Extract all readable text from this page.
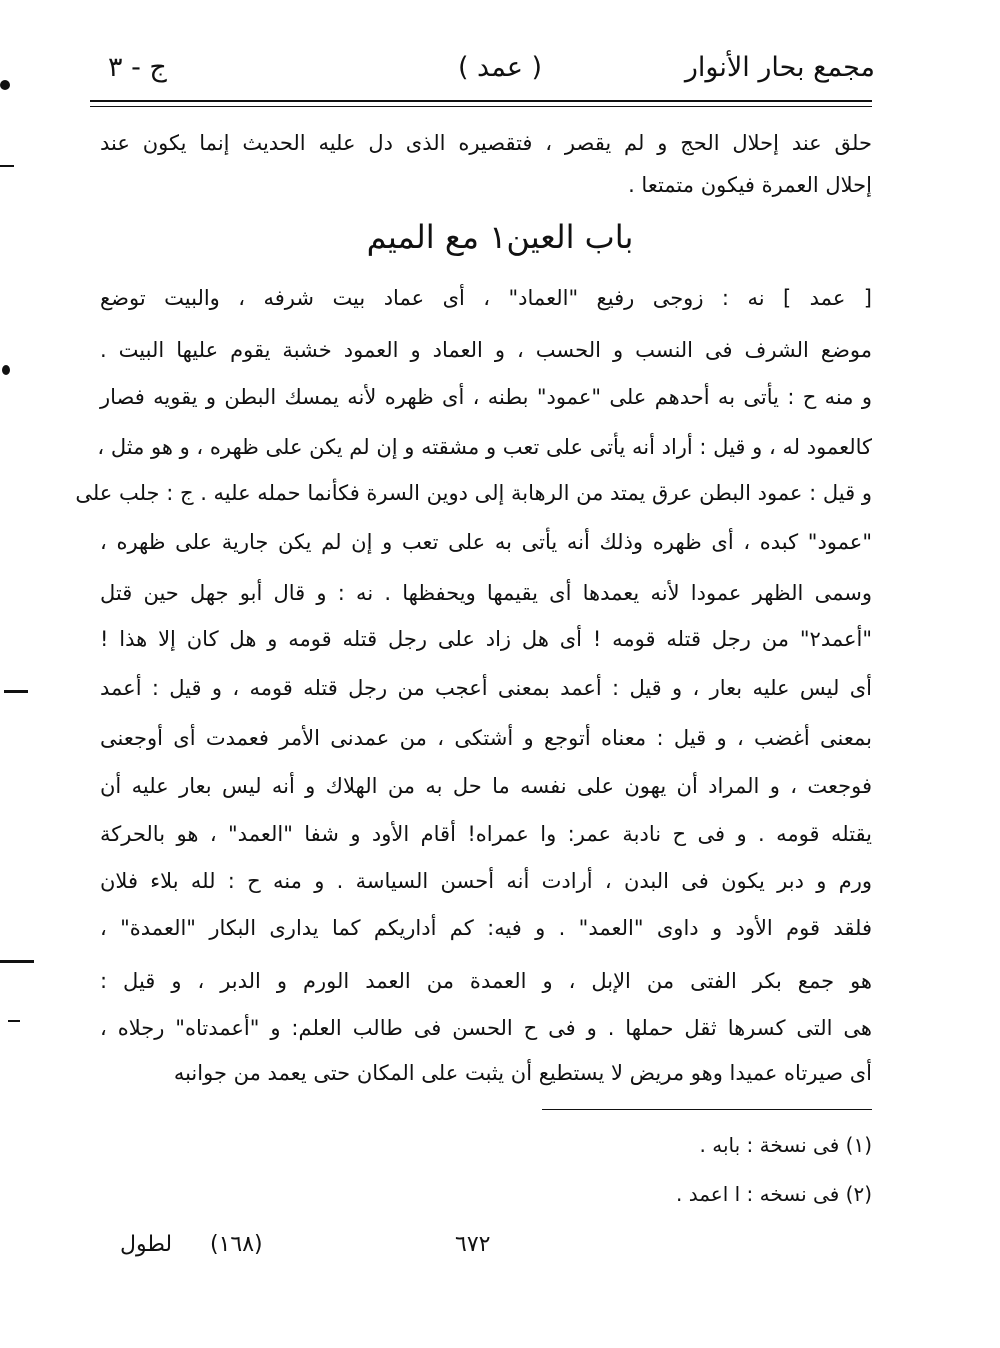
مجمع بحار الأنوار
( عمد )
ج - ٣
حلق عند إحلال الحج و لم يقصر ، فتقصيره الذى دل عليه الحديث إنما يكون عند
إحلال العمرة فيكون متمتعا .
باب العين١ مع الميم
[ عمد ] نه : زوجى رفيع "العماد" ، أى عماد بيت شرفه ، والبيت توضع
موضع الشرف فى النسب و الحسب ، و العماد و العمود خشبة يقوم عليها البيت .
و منه ح : يأتى به أحدهم على "عمود" بطنه ، أى ظهره لأنه يمسك البطن و يقويه فصار
كالعمود له ، و قيل : أراد أنه يأتى على تعب و مشقته و إن لم يكن على ظهره ، و هو مثل ،
و قيل : عمود البطن عرق يمتد من الرهابة إلى دوين السرة فكأنما حمله عليه . ج : جلب على
"عمود" كبده ، أى ظهره وذلك أنه يأتى به على تعب و إن لم يكن جارية على ظهره ،
وسمى الظهر عمودا لأنه يعمدها أى يقيمها ويحفظها . نه : و قال أبو جهل حين قتل
"أعمد٢" من رجل قتله قومه ! أى هل زاد على رجل قتله قومه و هل كان إلا هذا !
أى ليس عليه بعار ، و قيل : أعمد بمعنى أعجب من رجل قتله قومه ، و قيل : أعمد
بمعنى أغضب ، و قيل : معناه أتوجع و أشتكى ، من عمدنى الأمر فعمدت أى أوجعنى
فوجعت ، و المراد أن يهون على نفسه ما حل به من الهلاك و أنه ليس بعار عليه أن
يقتله قومه . و فى ح نادبة عمر: وا عمراه! أقام الأود و شفا "العمد" ، هو بالحركة
ورم و دبر يكون فى البدن ، أرادت أنه أحسن السياسة . و منه ح : لله بلاء فلان
فلقد قوم الأود و داوى "العمد" . و فيه: كم أداريكم كما يدارى البكار "العمدة" ،
هو جمع بكر الفتى من الإبل ، و العمدة من العمد الورم و الدبر ، و قيل :
هى التى كسرها ثقل حملها . و فى ح الحسن فى طالب العلم: و "أعمدتاه" رجلاه ،
أى صيرتاه عميدا وهو مريض لا يستطيع أن يثبت على المكان حتى يعمد من جوانبه
(١) فى نسخة : بابه .
(٢) فى نسخه : ا اعمد .
لطول (١٦٨)	٦٧٢
